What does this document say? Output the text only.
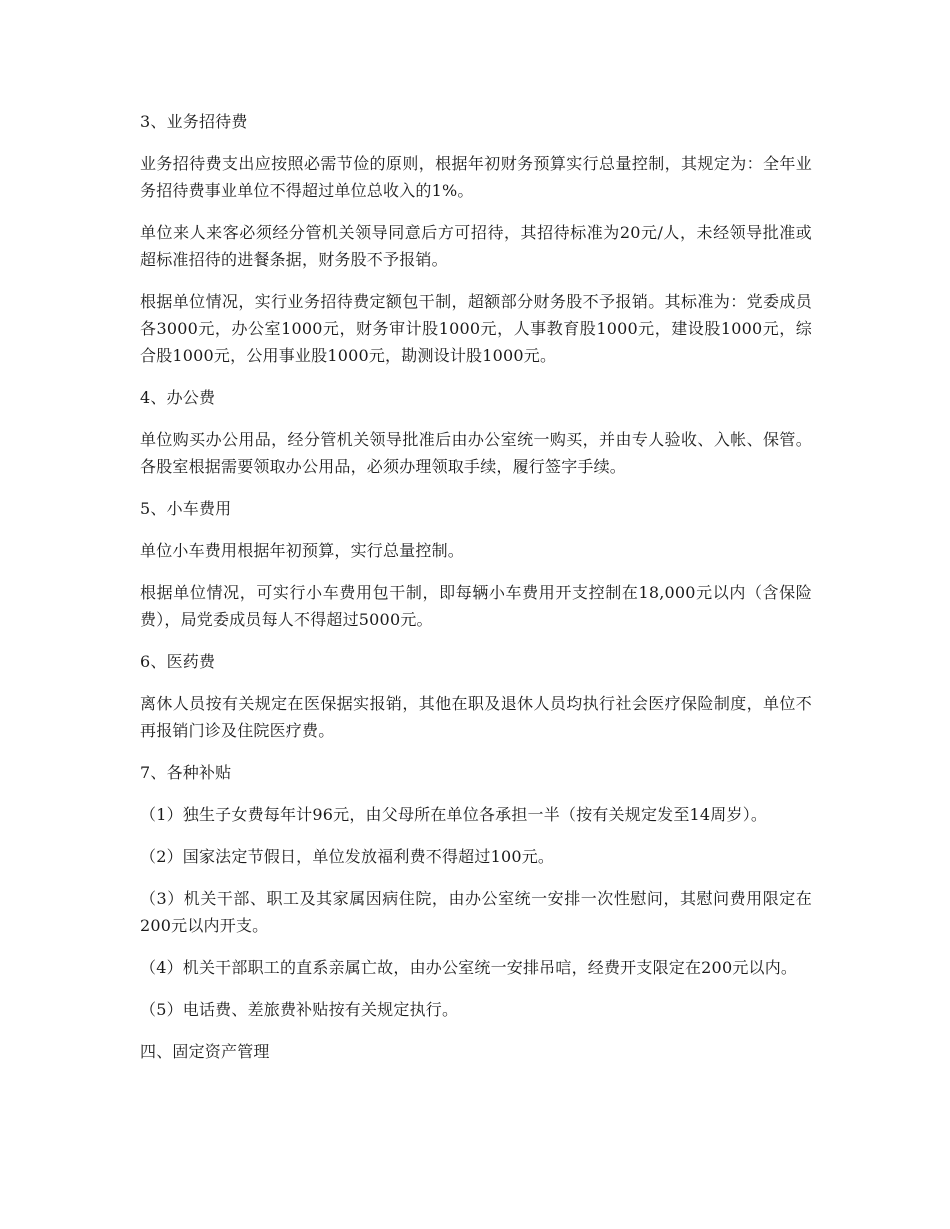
3、业务招待费

业务招待费支出应按照必需节俭的原则，根据年初财务预算实行总量控制，其规定为：全年业务招待费事业单位不得超过单位总收入的1%。

单位来人来客必须经分管机关领导同意后方可招待，其招待标准为20元/人，未经领导批准或超标准招待的进餐条据，财务股不予报销。

根据单位情况，实行业务招待费定额包干制，超额部分财务股不予报销。其标准为：党委成员各3000元，办公室1000元，财务审计股1000元，人事教育股1000元，建设股1000元，综合股1000元，公用事业股1000元，勘测设计股1000元。

4、办公费

单位购买办公用品，经分管机关领导批准后由办公室统一购买，并由专人验收、入帐、保管。各股室根据需要领取办公用品，必须办理领取手续，履行签字手续。

5、小车费用

单位小车费用根据年初预算，实行总量控制。

根据单位情况，可实行小车费用包干制，即每辆小车费用开支控制在18,000元以内（含保险费），局党委成员每人不得超过5000元。

6、医药费

离休人员按有关规定在医保据实报销，其他在职及退休人员均执行社会医疗保险制度，单位不再报销门诊及住院医疗费。

7、各种补贴

（1）独生子女费每年计96元，由父母所在单位各承担一半（按有关规定发至14周岁）。

（2）国家法定节假日，单位发放福利费不得超过100元。

（3）机关干部、职工及其家属因病住院，由办公室统一安排一次性慰问，其慰问费用限定在200元以内开支。

（4）机关干部职工的直系亲属亡故，由办公室统一安排吊唁，经费开支限定在200元以内。

（5）电话费、差旅费补贴按有关规定执行。

四、固定资产管理
